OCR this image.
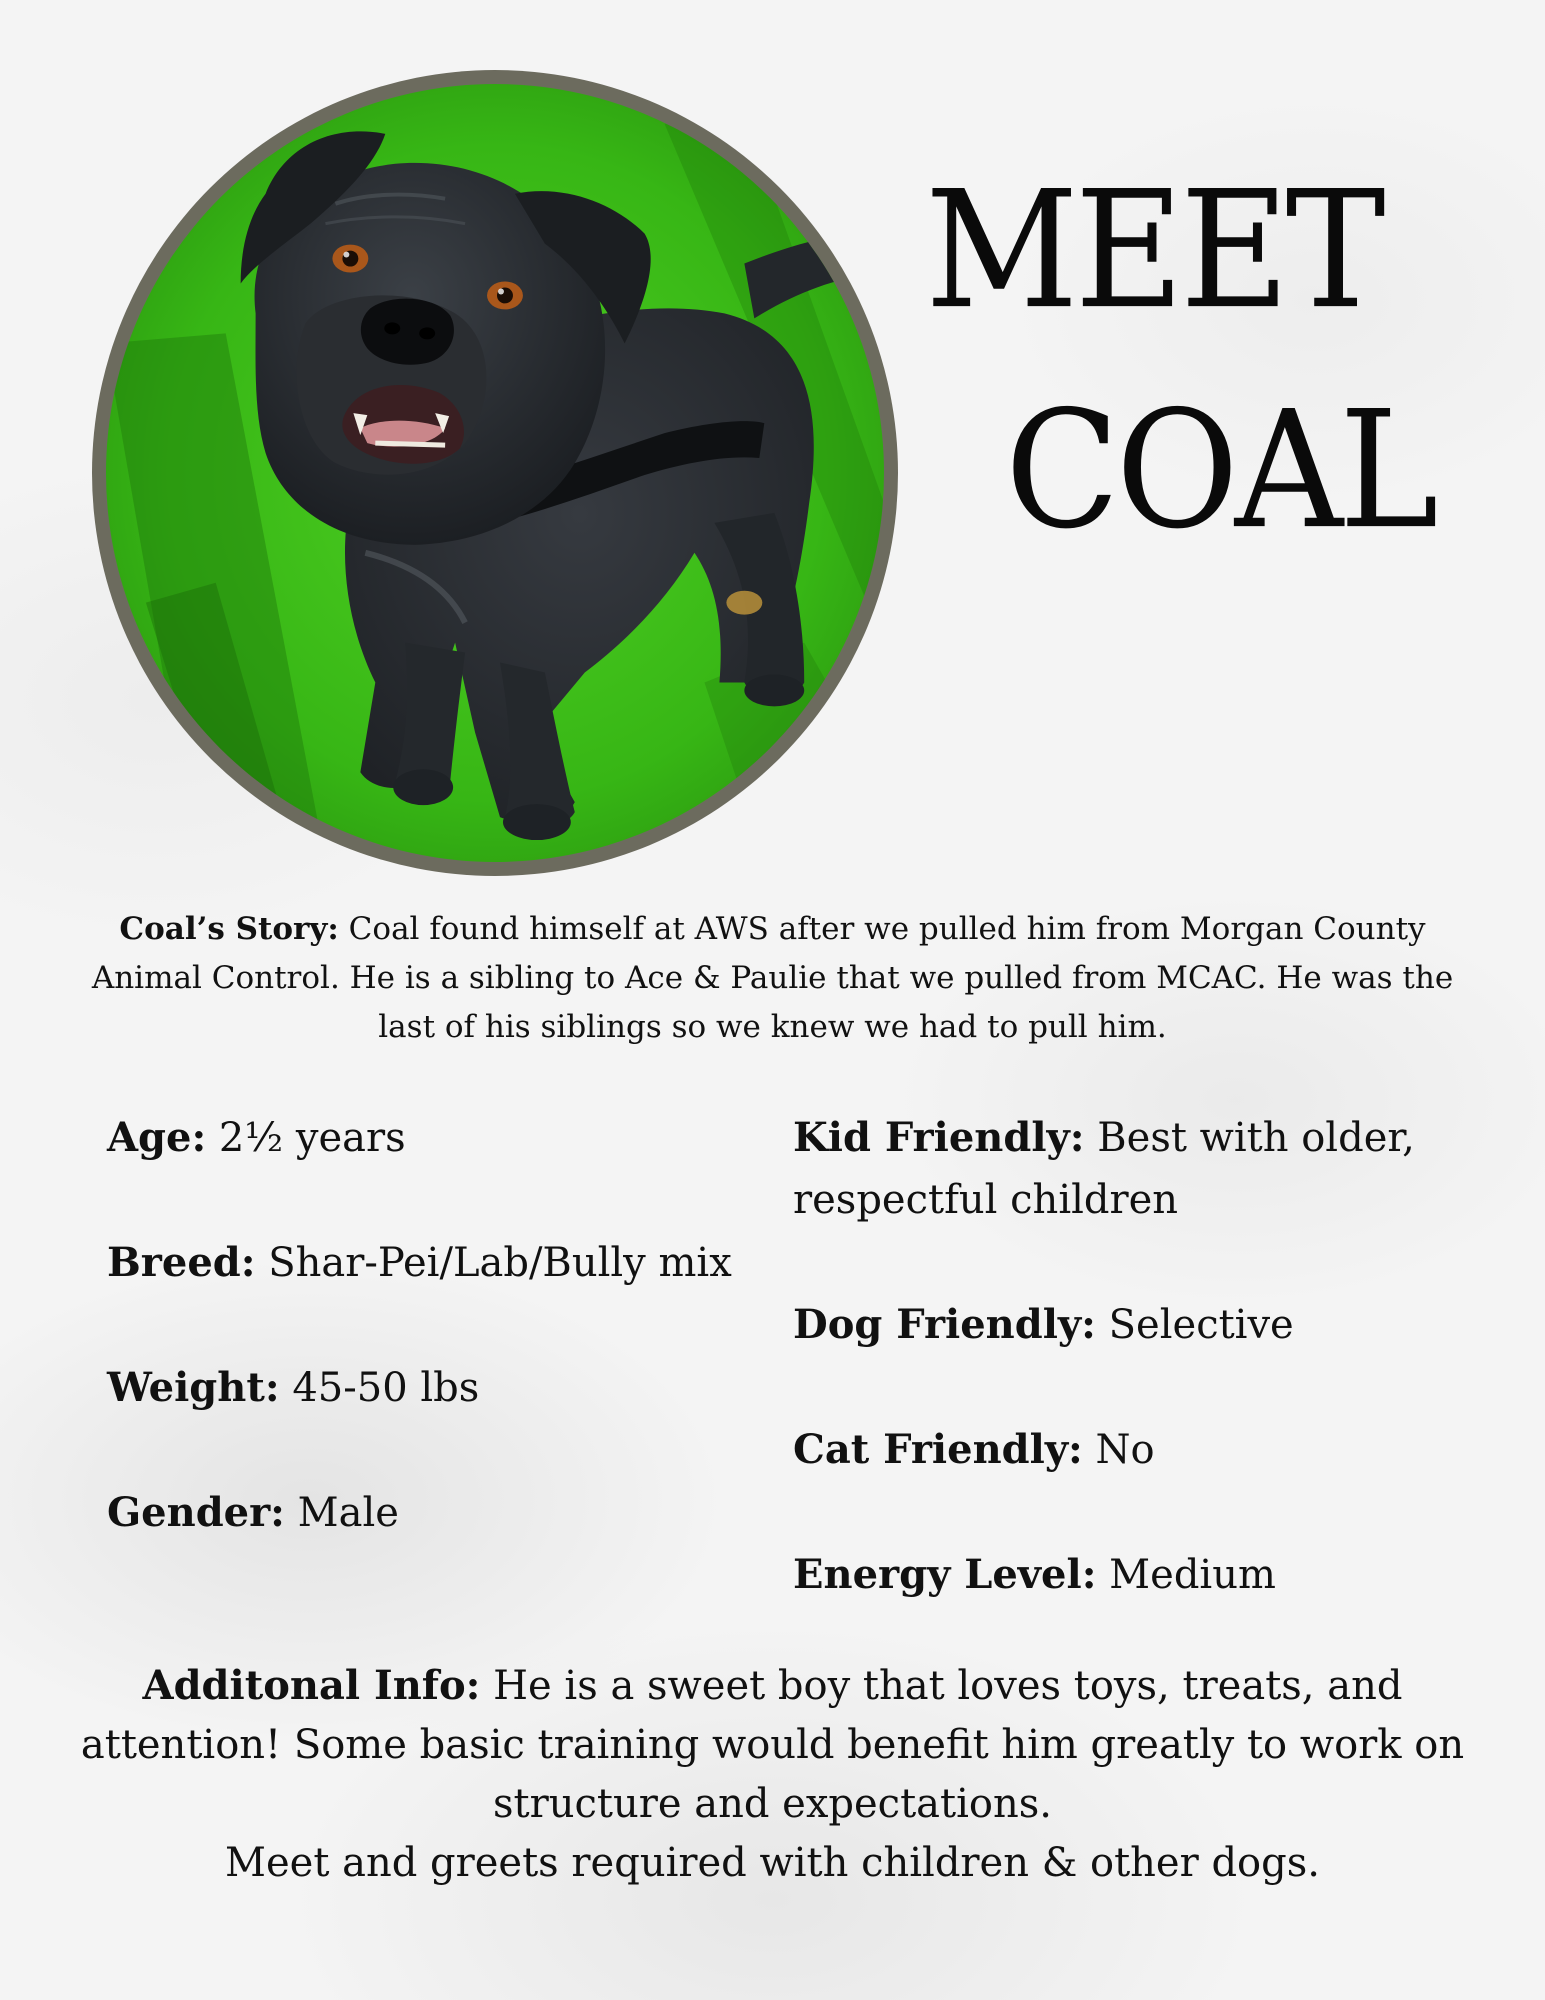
MEET
COAL

Coal’s Story: Coal found himself at AWS after we pulled him from Morgan County Animal Control. He is a sibling to Ace & Paulie that we pulled from MCAC. He was the last of his siblings so we knew we had to pull him.

Age: 2½ years

Breed: Shar-Pei/Lab/Bully mix

Weight: 45-50 lbs

Gender: Male

Kid Friendly: Best with older, respectful children

Dog Friendly: Selective

Cat Friendly: No

Energy Level: Medium

Additonal Info: He is a sweet boy that loves toys, treats, and attention! Some basic training would benefit him greatly to work on structure and expectations.

Meet and greets required with children & other dogs.
